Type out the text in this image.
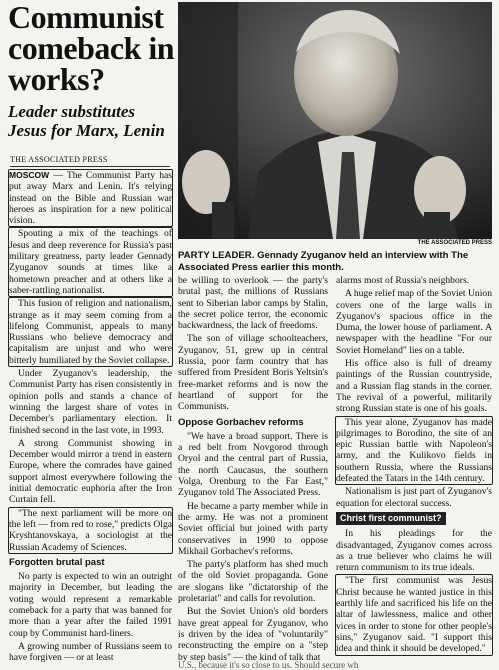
Communist comeback in works?
Leader substitutes Jesus for Marx, Lenin
THE ASSOCIATED PRESS

MOSCOW — The Communist Party has put away Marx and Lenin. It's relying instead on the Bible and Russian war heroes as inspiration for a new political vision.

Spouting a mix of the teachings of Jesus and deep reverence for Russia's past military greatness, party leader Gennady Zyuganov sounds at times like a hometown preacher and at others like a saber-rattling nationalist.

This fusion of religion and nationalism, strange as it may seem coming from a lifelong Communist, appeals to many Russians who believe democracy and capitalism are unjust and who were bitterly humiliated by the Soviet collapse.

Under Zyuganov's leadership, the Communist Party has risen consistently in opinion polls and stands a chance of winning the largest share of votes in December's parliamentary election. It finished second in the last vote, in 1993.

A strong Communist showing in December would mirror a trend in eastern Europe, where the comrades have gained support almost everywhere following the initial democratic euphoria after the Iron Curtain fell.

"The next parliament will be more on the left — from red to rose," predicts Olga Kryshtanovskaya, a sociologist at the Russian Academy of Sciences.

Forgotten brutal past

No party is expected to win an outright majority in December, but leading the voting would represent a remarkable comeback for a party that was banned for more than a year after the failed 1991 coup by Communist hard-liners.

A growing number of Russians seem to have forgiven — or at least

THE ASSOCIATED PRESS
PARTY LEADER. Gennady Zyuganov held an interview with The Associated Press earlier this month.

be willing to overlook — the party's brutal past, the millions of Russians sent to Siberian labor camps by Stalin, the secret police terror, the economic backwardness, the lack of freedoms.

The son of village schoolteachers, Zyuganov, 51, grew up in central Russia, poor farm country that has suffered from President Boris Yeltsin's free-market reforms and is now the heartland of support for the Communists.

Oppose Gorbachev reforms

"We have a broad support. There is a red belt from Novgorod through Oryol and the central part of Russia, the north Caucasus, the southern Volga, Orenburg to the Far East," Zyuganov told The Associated Press.

He became a party member while in the army. He was not a prominent Soviet official but joined with party conservatives in 1990 to oppose Mikhail Gorbachev's reforms.

The party's platform has shed much of the old Soviet propaganda. Gone are slogans like "dictatorship of the proletariat" and calls for revolution.

But the Soviet Union's old borders have great appeal for Zyuganov, who is driven by the idea of "voluntarily" reconstructing the empire on a "step by step basis" — the kind of talk that

alarms most of Russia's neighbors.

A huge relief map of the Soviet Union covers one of the large walls in Zyuganov's spacious office in the Duma, the lower house of parliament. A newspaper with the headline "For our Soviet Homeland" lies on a table.

His office also is full of dreamy paintings of the Russian countryside, and a Russian flag stands in the corner. The revival of a powerful, militarily strong Russian state is one of his goals.

This year alone, Zyuganov has made pilgrimages to Borodino, the site of an epic Russian battle with Napoleon's army, and the Kulikovo fields in southern Russia, where the Russians defeated the Tatars in the 14th century.

Nationalism is just part of Zyuganov's equation for electoral success.

Christ first communist?

In his pleadings for the disadvantaged, Zyuganov comes across as a true believer who claims he will return communism to its true ideals.

"The first communist was Jesus Christ because he wanted justice in this earthly life and sacrificed his life on the altar of lawlessness, malice and other vices in order to stone for other people's sins," Zyuganov said. "I support this idea and think it should be developed."

U.S., because it's so close to us. Should secure wh
